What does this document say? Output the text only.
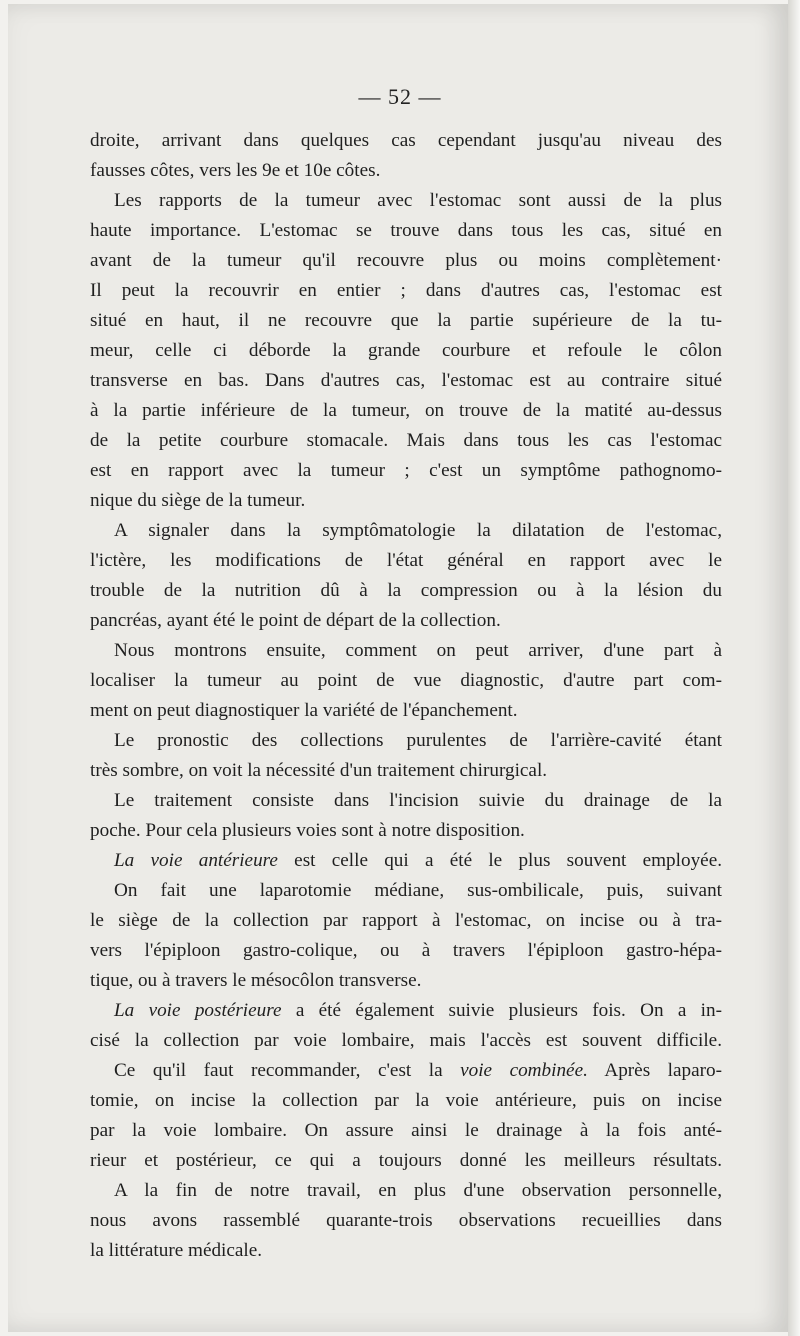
— 52 —

droite, arrivant dans quelques cas cependant jusqu'au niveau des

fausses côtes, vers les 9e et 10e côtes.

Les rapports de la tumeur avec l'estomac sont aussi de la plus

haute importance. L'estomac se trouve dans tous les cas, situé en

avant de la tumeur qu'il recouvre plus ou moins complètement·

Il peut la recouvrir en entier ; dans d'autres cas, l'estomac est

situé en haut, il ne recouvre que la partie supérieure de la tu-

meur, celle ci déborde la grande courbure et refoule le côlon

transverse en bas. Dans d'autres cas, l'estomac est au contraire situé

à la partie inférieure de la tumeur, on trouve de la matité au-dessus

de la petite courbure stomacale. Mais dans tous les cas l'estomac

est en rapport avec la tumeur ; c'est un symptôme pathognomo-

nique du siège de la tumeur.

A signaler dans la symptômatologie la dilatation de l'estomac,

l'ictère, les modifications de l'état général en rapport avec le

trouble de la nutrition dû à la compression ou à la lésion du

pancréas, ayant été le point de départ de la collection.

Nous montrons ensuite, comment on peut arriver, d'une part à

localiser la tumeur au point de vue diagnostic, d'autre part com-

ment on peut diagnostiquer la variété de l'épanchement.

Le pronostic des collections purulentes de l'arrière-cavité étant

très sombre, on voit la nécessité d'un traitement chirurgical.

Le traitement consiste dans l'incision suivie du drainage de la

poche. Pour cela plusieurs voies sont à notre disposition.

La voie antérieure est celle qui a été le plus souvent employée.

On fait une laparotomie médiane, sus-ombilicale, puis, suivant

le siège de la collection par rapport à l'estomac, on incise ou à tra-

vers l'épiploon gastro-colique, ou à travers l'épiploon gastro-hépa-

tique, ou à travers le mésocôlon transverse.

La voie postérieure a été également suivie plusieurs fois. On a in-

cisé la collection par voie lombaire, mais l'accès est souvent difficile.

Ce qu'il faut recommander, c'est la voie combinée. Après laparo-

tomie, on incise la collection par la voie antérieure, puis on incise

par la voie lombaire. On assure ainsi le drainage à la fois anté-

rieur et postérieur, ce qui a toujours donné les meilleurs résultats.

A la fin de notre travail, en plus d'une observation personnelle,

nous avons rassemblé quarante-trois observations recueillies dans

la littérature médicale.
